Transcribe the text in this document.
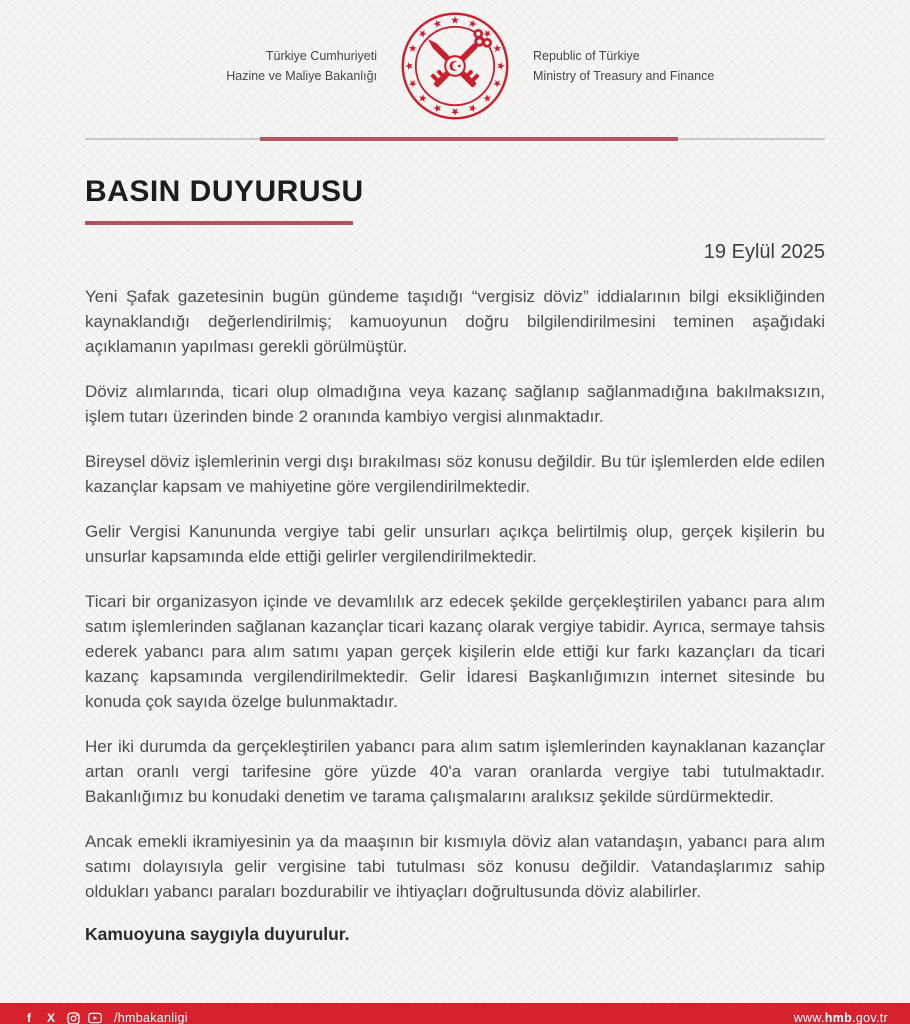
Türkiye Cumhuriyeti
Hazine ve Maliye Bakanlığı
Republic of Türkiye
Ministry of Treasury and Finance
BASIN DUYURUSU
19 Eylül 2025

Yeni Şafak gazetesinin bugün gündeme taşıdığı “vergisiz döviz” iddialarının bilgi eksikliğinden kaynaklandığı değerlendirilmiş; kamuoyunun doğru bilgilendirilmesini teminen aşağıdaki açıklamanın yapılması gerekli görülmüştür.

Döviz alımlarında, ticari olup olmadığına veya kazanç sağlanıp sağlanmadığına bakılmaksızın, işlem tutarı üzerinden binde 2 oranında kambiyo vergisi alınmaktadır.

Bireysel döviz işlemlerinin vergi dışı bırakılması söz konusu değildir. Bu tür işlemlerden elde edilen kazançlar kapsam ve mahiyetine göre vergilendirilmektedir.

Gelir Vergisi Kanununda vergiye tabi gelir unsurları açıkça belirtilmiş olup, gerçek kişilerin bu unsurlar kapsamında elde ettiği gelirler vergilendirilmektedir.

Ticari bir organizasyon içinde ve devamlılık arz edecek şekilde gerçekleştirilen yabancı para alım satım işlemlerinden sağlanan kazançlar ticari kazanç olarak vergiye tabidir. Ayrıca, sermaye tahsis ederek yabancı para alım satımı yapan gerçek kişilerin elde ettiği kur farkı kazançları da ticari kazanç kapsamında vergilendirilmektedir. Gelir İdaresi Başkanlığımızın internet sitesinde bu konuda çok sayıda özelge bulunmaktadır.

Her iki durumda da gerçekleştirilen yabancı para alım satım işlemlerinden kaynaklanan kazançlar artan oranlı vergi tarifesine göre yüzde 40'a varan oranlarda vergiye tabi tutulmaktadır. Bakanlığımız bu konudaki denetim ve tarama çalışmalarını aralıksız şekilde sürdürmektedir.

Ancak emekli ikramiyesinin ya da maaşının bir kısmıyla döviz alan vatandaşın, yabancı para alım satımı dolayısıyla gelir vergisine tabi tutulması söz konusu değildir. Vatandaşlarımız sahip oldukları yabancı paraları bozdurabilir ve ihtiyaçları doğrultusunda döviz alabilirler.

Kamuoyuna saygıyla duyurulur.
f	X	/hmbakanligi	www.hmb.gov.tr
